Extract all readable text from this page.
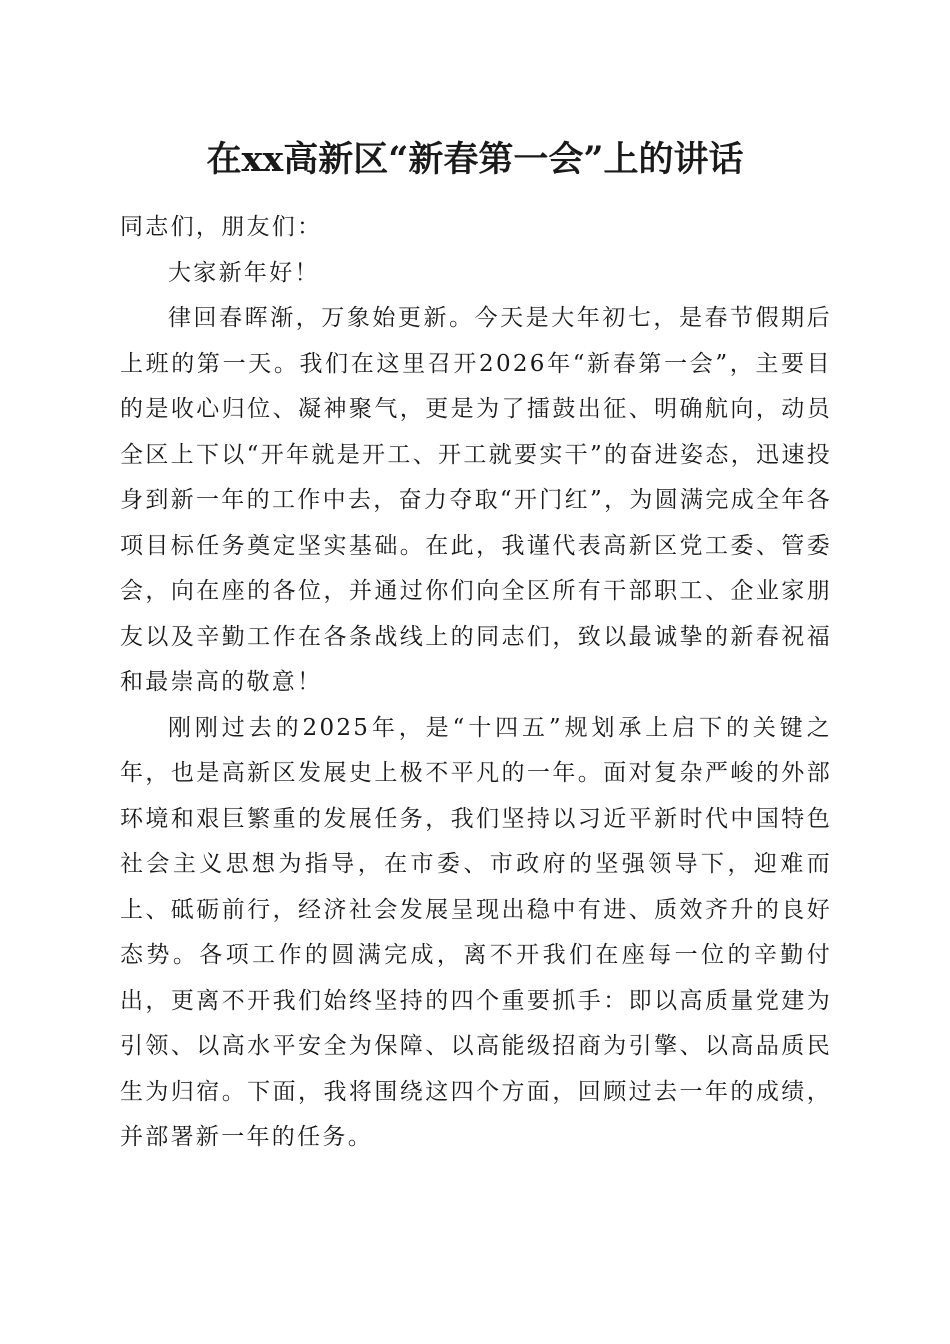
在xx高新区“新春第一会”上的讲话

同志们，朋友们：

大家新年好！

律回春晖渐，万象始更新。今天是大年初七，是春节假期后上班的第一天。我们在这里召开2026年“新春第一会”，主要目的是收心归位、凝神聚气，更是为了擂鼓出征、明确航向，动员全区上下以“开年就是开工、开工就要实干”的奋进姿态，迅速投身到新一年的工作中去，奋力夺取“开门红”，为圆满完成全年各项目标任务奠定坚实基础。在此，我谨代表高新区党工委、管委会，向在座的各位，并通过你们向全区所有干部职工、企业家朋友以及辛勤工作在各条战线上的同志们，致以最诚挚的新春祝福和最崇高的敬意！

刚刚过去的2025年，是“十四五”规划承上启下的关键之年，也是高新区发展史上极不平凡的一年。面对复杂严峻的外部环境和艰巨繁重的发展任务，我们坚持以习近平新时代中国特色社会主义思想为指导，在市委、市政府的坚强领导下，迎难而上、砥砺前行，经济社会发展呈现出稳中有进、质效齐升的良好态势。各项工作的圆满完成，离不开我们在座每一位的辛勤付出，更离不开我们始终坚持的四个重要抓手：即以高质量党建为引领、以高水平安全为保障、以高能级招商为引擎、以高品质民生为归宿。下面，我将围绕这四个方面，回顾过去一年的成绩，并部署新一年的任务。
